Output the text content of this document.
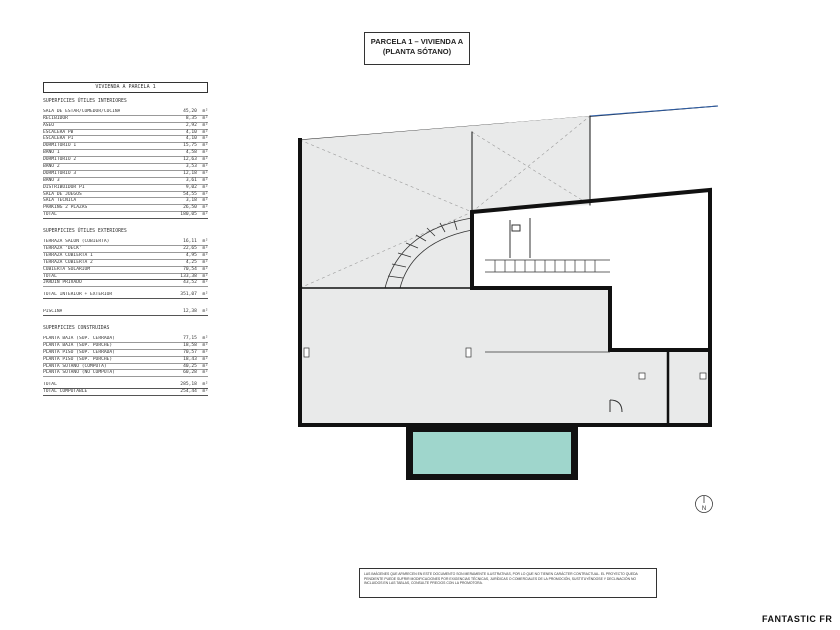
PARCELA 1 – VIVIENDA A
(PLANTA SÓTANO)
VIVIENDA A PARCELA 1
SUPERFICIES ÚTILES INTERIORES
SALA DE ESTAR/COMEDOR/COCINA	45,20 m²
RECIBIDOR	8,35 m²
ASEO	2,92 m²
ESCALERA PB	4,10 m²
ESCALERA P1	4,10 m²
DORMITORIO 1	15,75 m²
BAÑO 1	4,58 m²
DORMITORIO 2	12,63 m²
BAÑO 2	3,53 m²
DORMITORIO 3	12,18 m²
BAÑO 3	3,61 m²
DISTRIBUIDOR P1	9,02 m²
SALA DE JUEGOS	54,55 m²
SALA TÉCNICA	3,18 m²
PARKING 2 PLAZAS	26,50 m²
TOTAL	180,05 m²
SUPERFICIES ÚTILES EXTERIORES
TERRAZA SALÓN (CUBIERTA)	16,11 m²
TERRAZA 'DECK'	22,65 m²
TERRAZA CUBIERTA 1	4,95 m²
TERRAZA CUBIERTA 2	4,25 m²
CUBIERTA SOLARIUM	70,54 m²
TOTAL	133,38 m²
JARDÍN PRIVADO	43,52 m²
TOTAL INTERIOR + EXTERIOR	351,07 m²
PISCINA	12,38 m²
SUPERFICIES CONSTRUIDAS
PLANTA BAJA (SUP. CERRADA)	77,15 m²
PLANTA BAJA (SUP. PORCHE)	18,58 m²
PLANTA PISO (SUP. CERRADA)	70,57 m²
PLANTA PISO (SUP. PORCHE)	18,43 m²
PLANTA SÓTANO (COMPUTA)	40,25 m²
PLANTA SÓTANO (NO COMPUTA)	60,28 m²
TOTAL	285,18 m²
TOTAL COMPUTABLE	254,44 m²
N
LAS IMÁGENES QUE APARECEN EN ESTE DOCUMENTO SON MERAMENTE ILUSTRATIVAS, POR LO QUE NO TIENEN CARÁCTER CONTRACTUAL. EL PROYECTO QUEDA PENDIENTE PUEDE SUFRIR MODIFICACIONES POR EXIGENCIAS TÉCNICAS, JURÍDICAS O COMERCIALES DE LA PROMOCIÓN, SUSTITUYÉNDOSE Y DECLINACIÓN NO INCLUIDOS EN LAS TABLAS, CONSULTE PRECIOS CON LA PROMOTORA.
FANTASTIC FR
